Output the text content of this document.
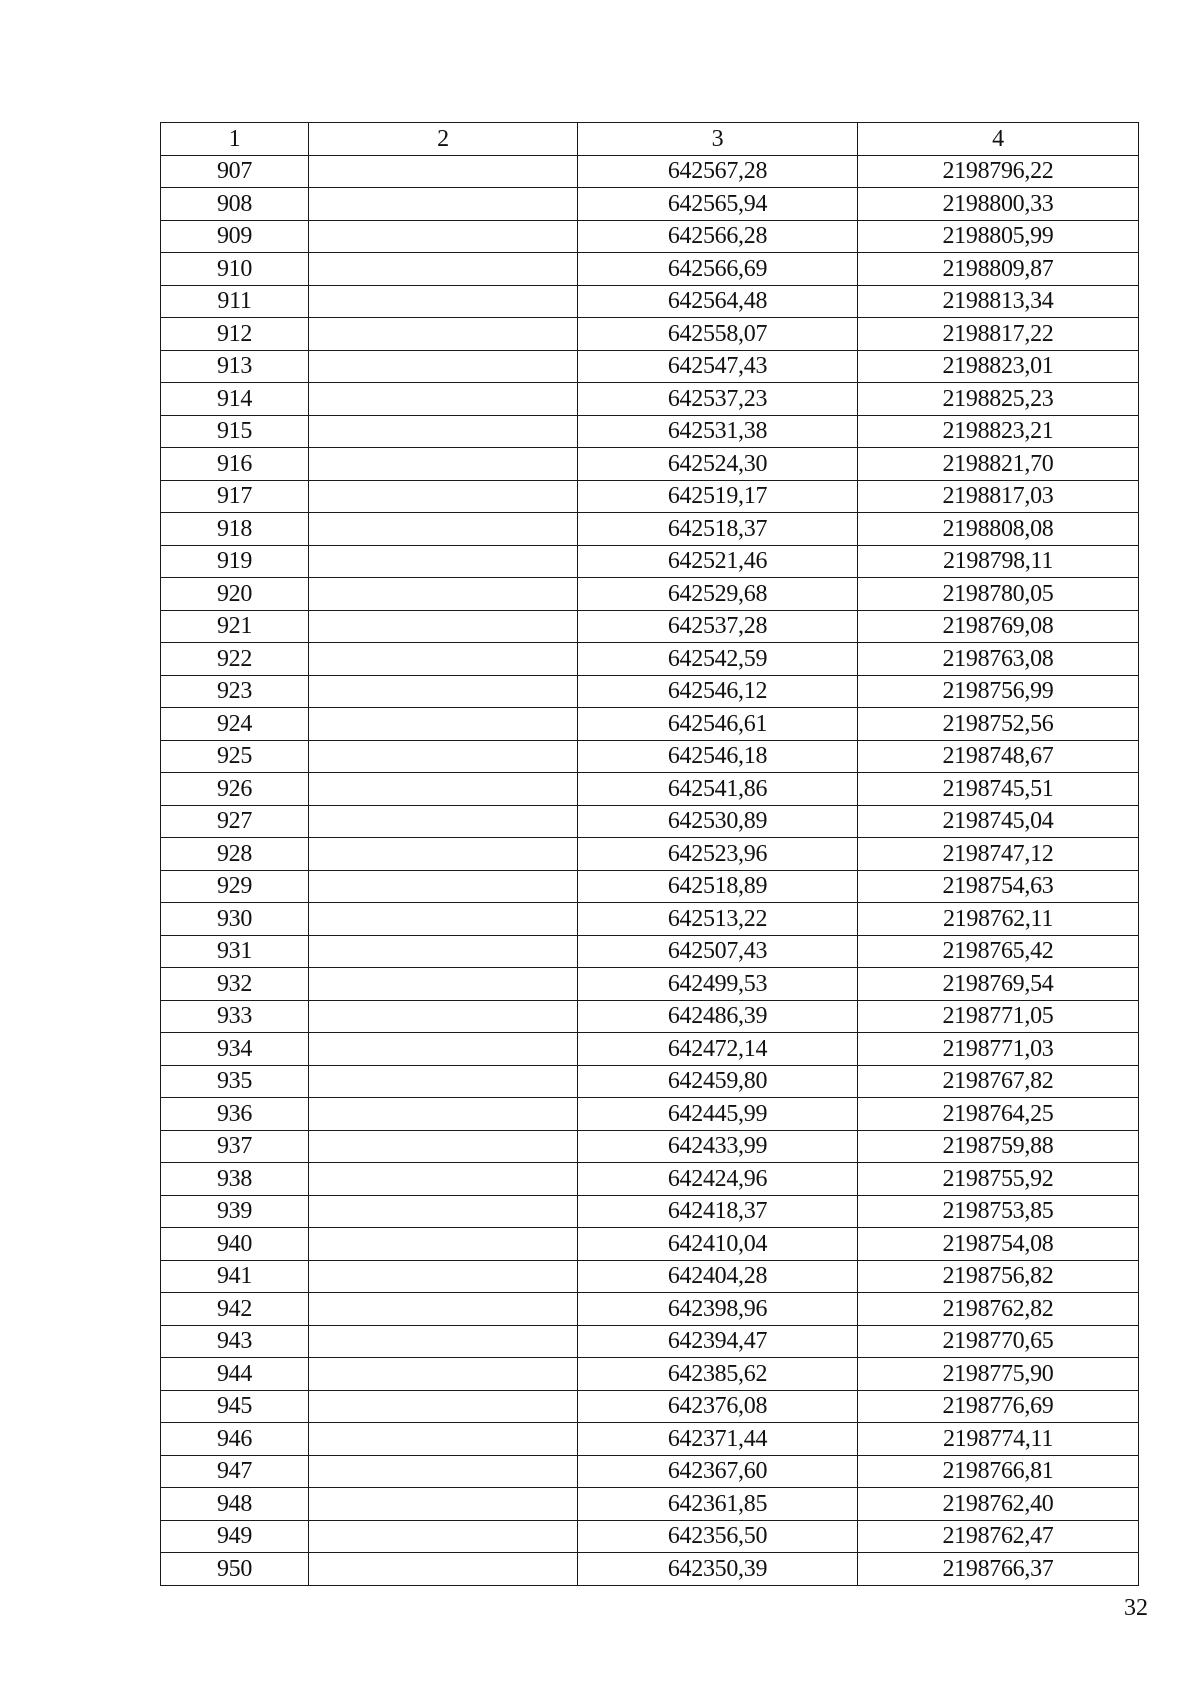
1	2	3	4
907		642567,28	2198796,22
908		642565,94	2198800,33
909		642566,28	2198805,99
910		642566,69	2198809,87
911		642564,48	2198813,34
912		642558,07	2198817,22
913		642547,43	2198823,01
914		642537,23	2198825,23
915		642531,38	2198823,21
916		642524,30	2198821,70
917		642519,17	2198817,03
918		642518,37	2198808,08
919		642521,46	2198798,11
920		642529,68	2198780,05
921		642537,28	2198769,08
922		642542,59	2198763,08
923		642546,12	2198756,99
924		642546,61	2198752,56
925		642546,18	2198748,67
926		642541,86	2198745,51
927		642530,89	2198745,04
928		642523,96	2198747,12
929		642518,89	2198754,63
930		642513,22	2198762,11
931		642507,43	2198765,42
932		642499,53	2198769,54
933		642486,39	2198771,05
934		642472,14	2198771,03
935		642459,80	2198767,82
936		642445,99	2198764,25
937		642433,99	2198759,88
938		642424,96	2198755,92
939		642418,37	2198753,85
940		642410,04	2198754,08
941		642404,28	2198756,82
942		642398,96	2198762,82
943		642394,47	2198770,65
944		642385,62	2198775,90
945		642376,08	2198776,69
946		642371,44	2198774,11
947		642367,60	2198766,81
948		642361,85	2198762,40
949		642356,50	2198762,47
950		642350,39	2198766,37
32
